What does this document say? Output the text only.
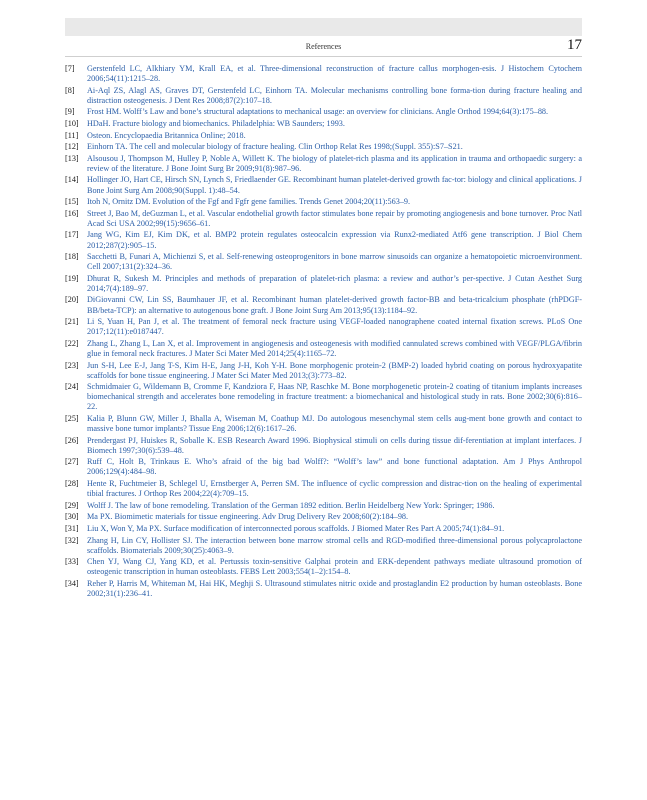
References	17
[7]	Gerstenfeld LC, Alkhiary YM, Krall EA, et al. Three-dimensional reconstruction of fracture callus morphogen-esis. J Histochem Cytochem 2006;54(11):1215–28.
[8]	Ai-Aql ZS, Alagl AS, Graves DT, Gerstenfeld LC, Einhorn TA. Molecular mechanisms controlling bone forma-tion during fracture healing and distraction osteogenesis. J Dent Res 2008;87(2):107–18.
[9]	Frost HM. Wolff’s Law and bone’s structural adaptations to mechanical usage: an overview for clinicians. Angle Orthod 1994;64(3):175–88.
[10]	HDaH. Fracture biology and biomechanics. Philadelphia: WB Saunders; 1993.
[11]	Osteon. Encyclopaedia Britannica Online; 2018.
[12]	Einhorn TA. The cell and molecular biology of fracture healing. Clin Orthop Relat Res 1998;(Suppl. 355):S7–S21.
[13]	Alsousou J, Thompson M, Hulley P, Noble A, Willett K. The biology of platelet-rich plasma and its application in trauma and orthopaedic surgery: a review of the literature. J Bone Joint Surg Br 2009;91(8):987–96.
[14]	Hollinger JO, Hart CE, Hirsch SN, Lynch S, Friedlaender GE. Recombinant human platelet-derived growth fac-tor: biology and clinical applications. J Bone Joint Surg Am 2008;90(Suppl. 1):48–54.
[15]	Itoh N, Ornitz DM. Evolution of the Fgf and Fgfr gene families. Trends Genet 2004;20(11):563–9.
[16]	Street J, Bao M, deGuzman L, et al. Vascular endothelial growth factor stimulates bone repair by promoting angiogenesis and bone turnover. Proc Natl Acad Sci USA 2002;99(15):9656–61.
[17]	Jang WG, Kim EJ, Kim DK, et al. BMP2 protein regulates osteocalcin expression via Runx2-mediated Atf6 gene transcription. J Biol Chem 2012;287(2):905–15.
[18]	Sacchetti B, Funari A, Michienzi S, et al. Self-renewing osteoprogenitors in bone marrow sinusoids can organize a hematopoietic microenvironment. Cell 2007;131(2):324–36.
[19]	Dhurat R, Sukesh M. Principles and methods of preparation of platelet-rich plasma: a review and author’s per-spective. J Cutan Aesthet Surg 2014;7(4):189–97.
[20]	DiGiovanni CW, Lin SS, Baumhauer JF, et al. Recombinant human platelet-derived growth factor-BB and beta-tricalcium phosphate (rhPDGF-BB/beta-TCP): an alternative to autogenous bone graft. J Bone Joint Surg Am 2013;95(13):1184–92.
[21]	Li S, Yuan H, Pan J, et al. The treatment of femoral neck fracture using VEGF-loaded nanographene coated internal fixation screws. PLoS One 2017;12(11):e0187447.
[22]	Zhang L, Zhang L, Lan X, et al. Improvement in angiogenesis and osteogenesis with modified cannulated screws combined with VEGF/PLGA/fibrin glue in femoral neck fractures. J Mater Sci Mater Med 2014;25(4):1165–72.
[23]	Jun S-H, Lee E-J, Jang T-S, Kim H-E, Jang J-H, Koh Y-H. Bone morphogenic protein-2 (BMP-2) loaded hybrid coating on porous hydroxyapatite scaffolds for bone tissue engineering. J Mater Sci Mater Med 2013;(3):773–82.
[24]	Schmidmaier G, Wildemann B, Cromme F, Kandziora F, Haas NP, Raschke M. Bone morphogenetic protein-2 coating of titanium implants increases biomechanical strength and accelerates bone remodeling in fracture treatment: a biomechanical and histological study in rats. Bone 2002;30(6):816–22.
[25]	Kalia P, Blunn GW, Miller J, Bhalla A, Wiseman M, Coathup MJ. Do autologous mesenchymal stem cells aug-ment bone growth and contact to massive bone tumor implants? Tissue Eng 2006;12(6):1617–26.
[26]	Prendergast PJ, Huiskes R, Soballe K. ESB Research Award 1996. Biophysical stimuli on cells during tissue dif-ferentiation at implant interfaces. J Biomech 1997;30(6):539–48.
[27]	Ruff C, Holt B, Trinkaus E. Who’s afraid of the big bad Wolff?: “Wolff’s law” and bone functional adaptation. Am J Phys Anthropol 2006;129(4):484–98.
[28]	Hente R, Fuchtmeier B, Schlegel U, Ernstberger A, Perren SM. The influence of cyclic compression and distrac-tion on the healing of experimental tibial fractures. J Orthop Res 2004;22(4):709–15.
[29]	Wolff J. The law of bone remodeling. Translation of the German 1892 edition. Berlin Heidelberg New York: Springer; 1986.
[30]	Ma PX. Biomimetic materials for tissue engineering. Adv Drug Delivery Rev 2008;60(2):184–98.
[31]	Liu X, Won Y, Ma PX. Surface modification of interconnected porous scaffolds. J Biomed Mater Res Part A 2005;74(1):84–91.
[32]	Zhang H, Lin CY, Hollister SJ. The interaction between bone marrow stromal cells and RGD-modified three-dimensional porous polycaprolactone scaffolds. Biomaterials 2009;30(25):4063–9.
[33]	Chen YJ, Wang CJ, Yang KD, et al. Pertussis toxin-sensitive Galphai protein and ERK-dependent pathways mediate ultrasound promotion of osteogenic transcription in human osteoblasts. FEBS Lett 2003;554(1–2):154–8.
[34]	Reher P, Harris M, Whiteman M, Hai HK, Meghji S. Ultrasound stimulates nitric oxide and prostaglandin E2 production by human osteoblasts. Bone 2002;31(1):236–41.
